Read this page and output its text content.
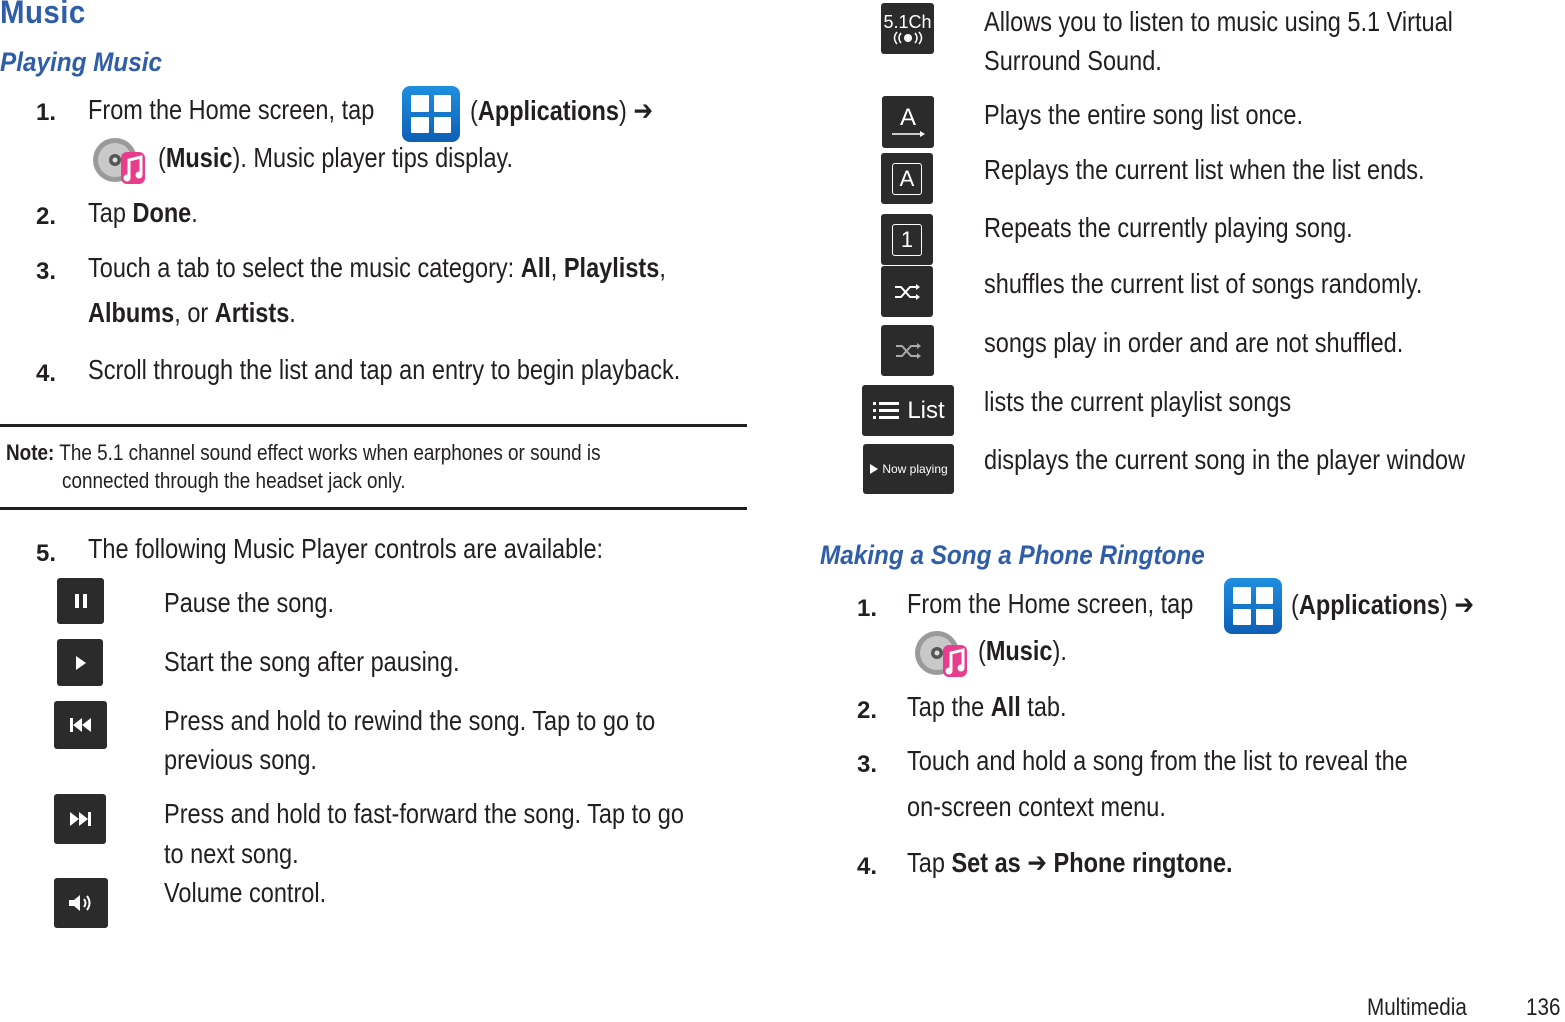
Music
Playing Music
1. From the Home screen, tap	(Applications) ➔
(Music). Music player tips display.
2. Tap Done.
3. Touch a tab to select the music category: All, Playlists,
Albums, or Artists.
4. Scroll through the list and tap an entry to begin playback.
Note: The 5.1 channel sound effect works when earphones or sound is
connected through the headset jack only.
5. The following Music Player controls are available:
Pause the song.
Start the song after pausing.
Press and hold to rewind the song. Tap to go to
previous song.
Press and hold to fast-forward the song. Tap to go
to next song.
Volume control.
5.1Ch Allows you to listen to music using 5.1 Virtual
Surround Sound.
A Plays the entire song list once.
A Replays the current list when the list ends.
1	Repeats the currently playing song.
shuffles the current list of songs randomly.
songs play in order and are not shuffled.
List lists the current playlist songs
Now playing displays the current song in the player window
Making a Song a Phone Ringtone
1. From the Home screen, tap	(Applications) ➔
(Music).
2. Tap the All tab.
3. Touch and hold a song from the list to reveal the
on-screen context menu.
4. Tap Set as ➔ Phone ringtone.
Multimedia 136
